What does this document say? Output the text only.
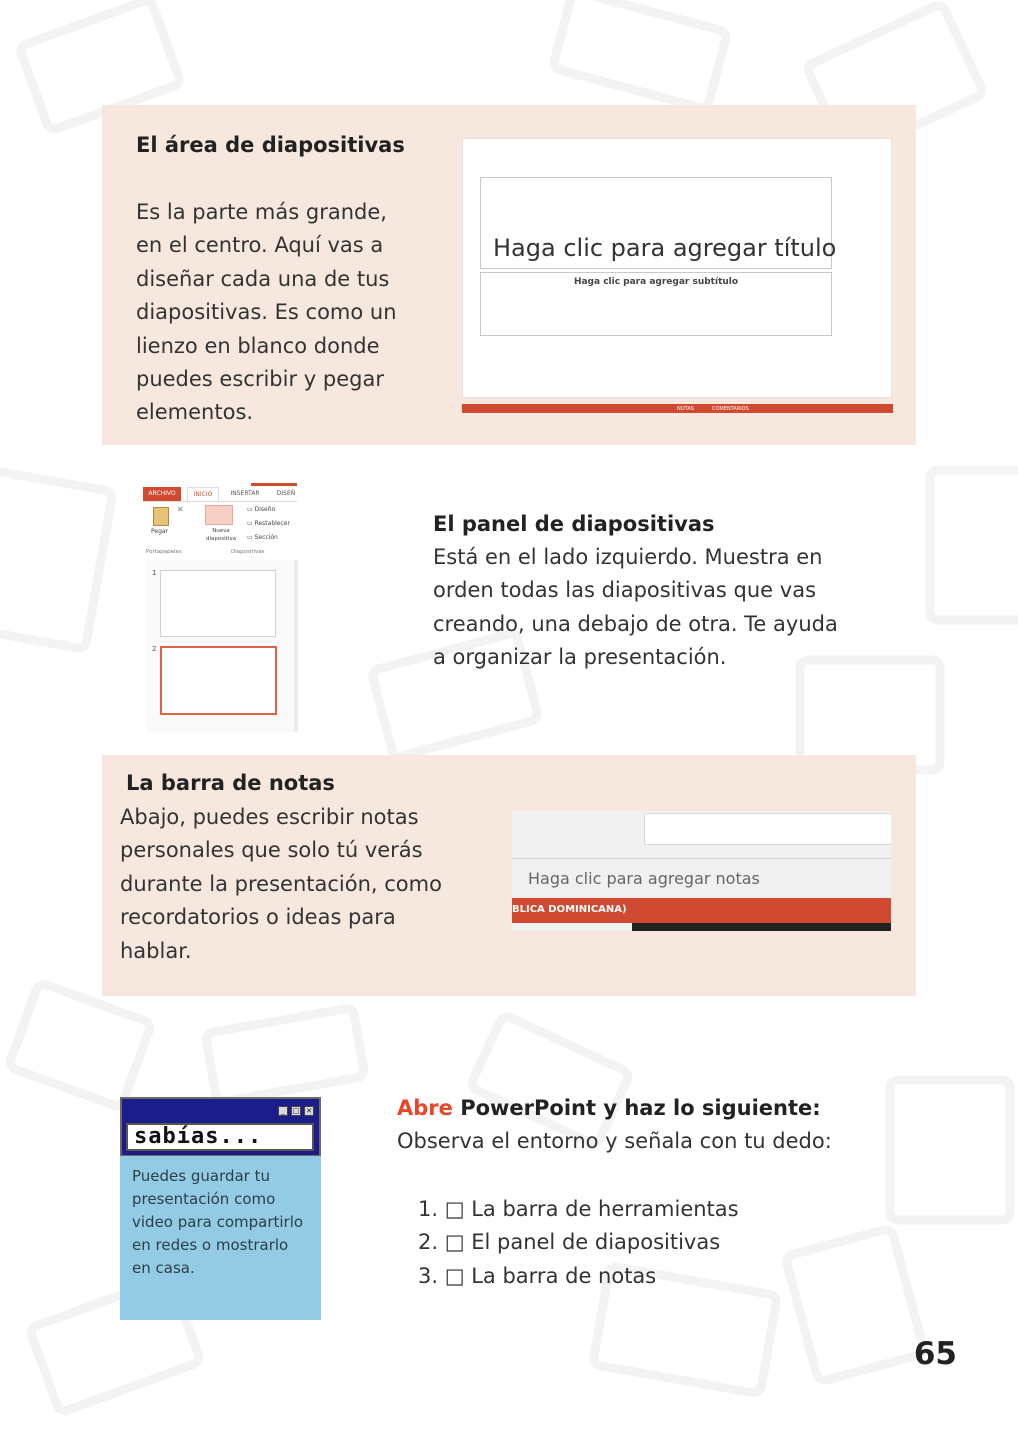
El área de diapositivas
Es la parte más grande,
en el centro. Aquí vas a
diseñar cada una de tus
diapositivas. Es como un
lienzo en blanco donde
puedes escribir y pegar
elementos.
Haga clic para agregar título
Haga clic para agregar subtítulo
NOTAS	COMENTARIOS
ARCHIVO	INICIO	INSERTAR	DISEÑ
✕
Pegar	Nueva diapositiva
▭ Diseño
▭ Restablecer
▭ Sección
Portapapeles	Diapositivas
1
2
El panel de diapositivas
Está en el lado izquierdo. Muestra en
orden todas las diapositivas que vas
creando, una debajo de otra. Te ayuda
a organizar la presentación.
La barra de notas
Abajo, puedes escribir notas
personales que solo tú verás
durante la presentación, como
recordatorios o ideas para
hablar.
Haga clic para agregar notas
BLICA DOMINICANA)
_	□ ✕
sabías...
Puedes guardar tu presentación como video para compartirlo en redes o mostrarlo en casa.
Abre PowerPoint y haz lo siguiente:
Observa el entorno y señala con tu dedo:
1. □ La barra de herramientas
2. □ El panel de diapositivas
3. □ La barra de notas
65
